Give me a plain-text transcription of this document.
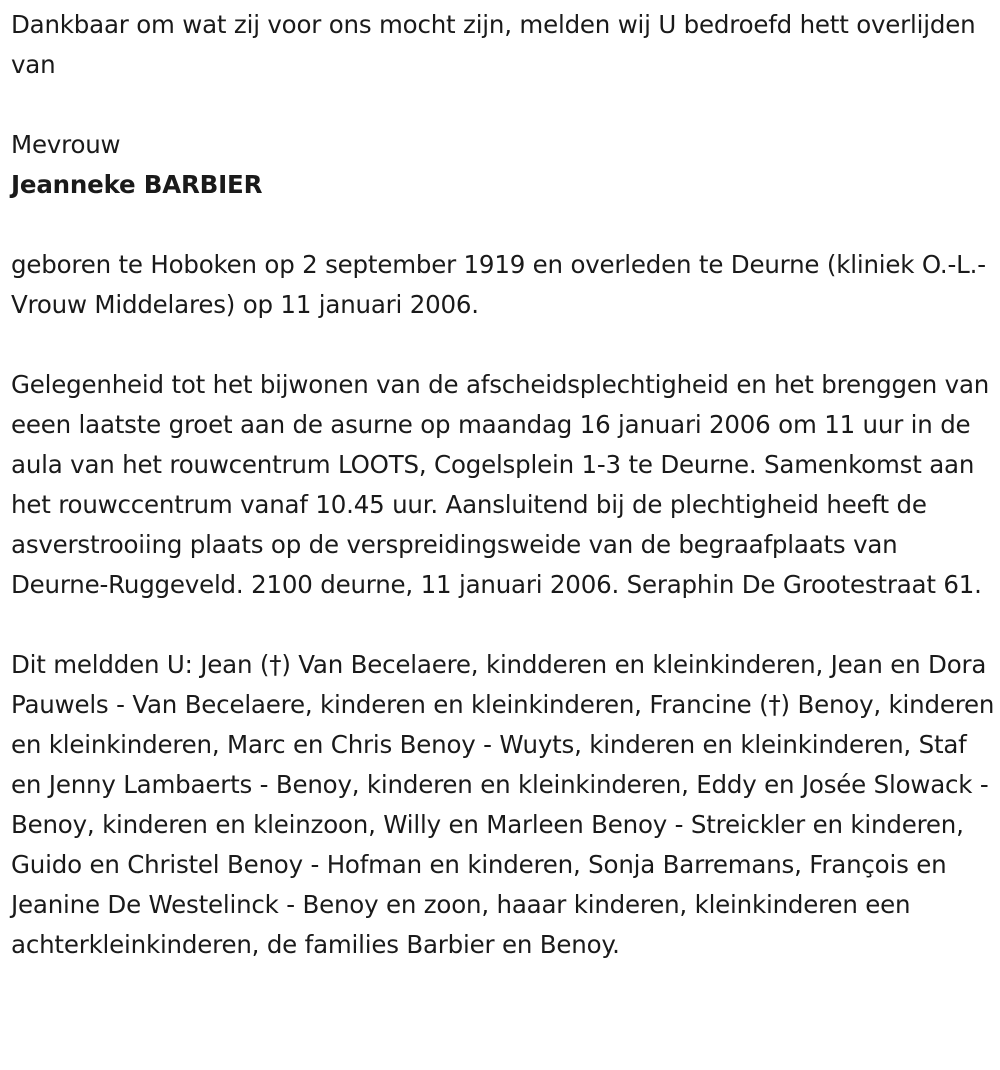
Dankbaar om wat zij voor ons mocht zijn, melden wij U bedroefd hett overlijden van

Mevrouw

Jeanneke BARBIER

geboren te Hoboken op 2 september 1919 en overleden te Deurne (kliniek O.-L.-Vrouw Middelares) op 11 januari 2006.

Gelegenheid tot het bijwonen van de afscheidsplechtigheid en het brenggen van eeen laatste groet aan de asurne op maandag 16 januari 2006 om 11 uur in de aula van het rouwcentrum LOOTS, Cogelsplein 1-3 te Deurne. Samenkomst aan het rouwccentrum vanaf 10.45 uur. Aansluitend bij de plechtigheid heeft de asverstrooiing plaats op de verspreidingsweide van de begraafplaats van Deurne-Ruggeveld. 2100 deurne, 11 januari 2006. Seraphin De Grootestraat 61.

Dit meldden U: Jean (†) Van Becelaere, kindderen en kleinkinderen, Jean en Dora Pauwels - Van Becelaere, kinderen en kleinkinderen, Francine (†) Benoy, kinderen en kleinkinderen, Marc en Chris Benoy - Wuyts, kinderen en kleinkinderen, Staf en Jenny Lambaerts - Benoy, kinderen en kleinkinderen, Eddy en Josée Slowack - Benoy, kinderen en kleinzoon, Willy en Marleen Benoy - Streickler en kinderen, Guido en Christel Benoy - Hofman en kinderen, Sonja Barremans, François en Jeanine De Westelinck - Benoy en zoon, haaar kinderen, kleinkinderen een achterkleinkinderen, de families Barbier en Benoy.
